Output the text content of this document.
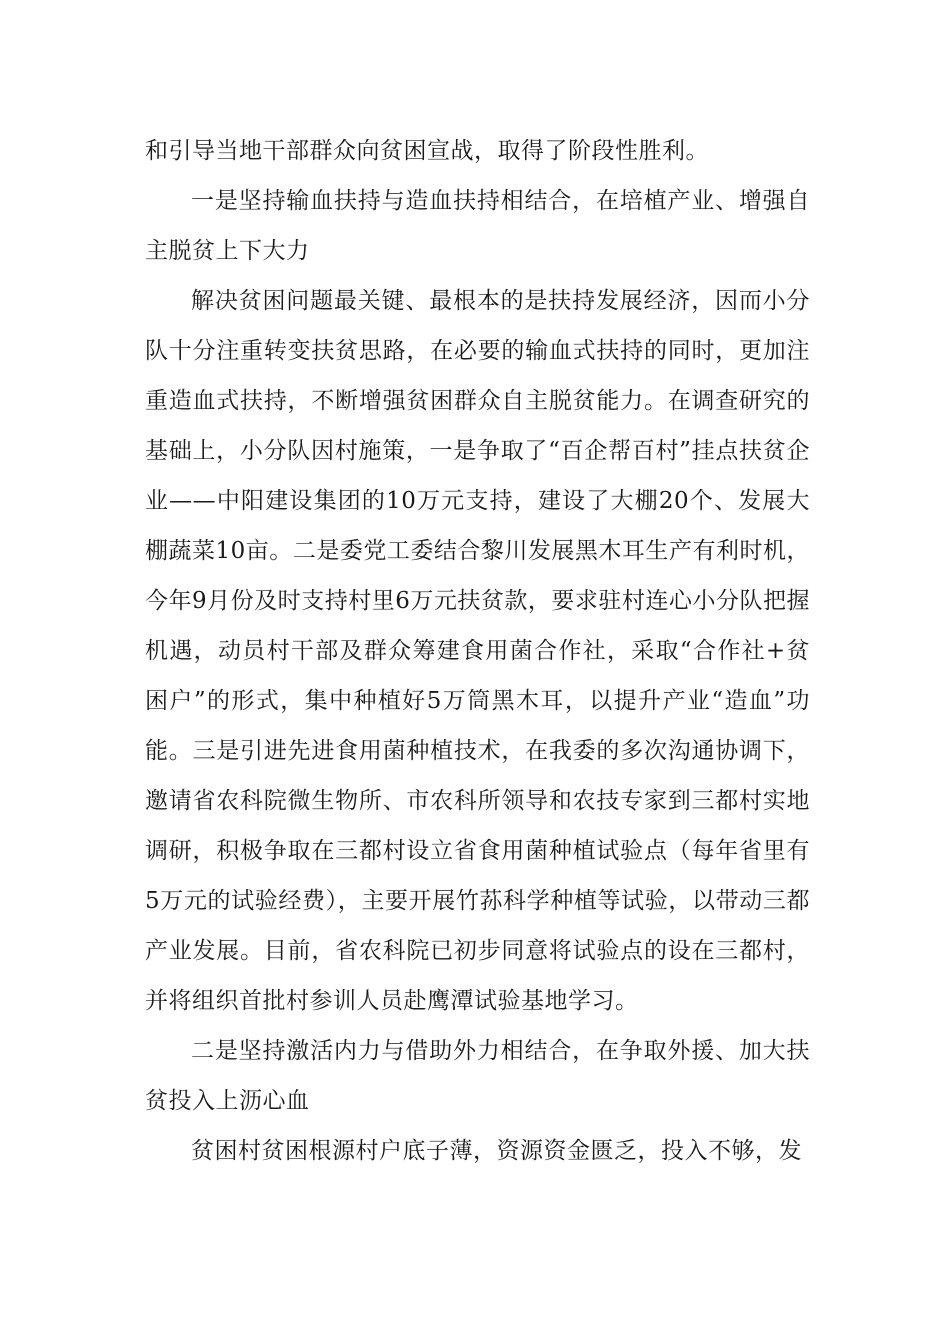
和引导当地干部群众向贫困宣战，取得了阶段性胜利。

一是坚持输血扶持与造血扶持相结合，在培植产业、增强自主脱贫上下大力

解决贫困问题最关键、最根本的是扶持发展经济，因而小分队十分注重转变扶贫思路，在必要的输血式扶持的同时，更加注重造血式扶持，不断增强贫困群众自主脱贫能力。在调查研究的基础上，小分队因村施策，一是争取了“百企帮百村”挂点扶贫企业——中阳建设集团的10万元支持，建设了大棚20个、发展大棚蔬菜10亩。二是委党工委结合黎川发展黑木耳生产有利时机，今年9月份及时支持村里6万元扶贫款，要求驻村连心小分队把握机遇，动员村干部及群众筹建食用菌合作社，采取“合作社+贫困户”的形式，集中种植好5万筒黑木耳，以提升产业“造血”功能。三是引进先进食用菌种植技术，在我委的多次沟通协调下，邀请省农科院微生物所、市农科所领导和农技专家到三都村实地调研，积极争取在三都村设立省食用菌种植试验点（每年省里有5万元的试验经费），主要开展竹荪科学种植等试验，以带动三都产业发展。目前，省农科院已初步同意将试验点的设在三都村，并将组织首批村参训人员赴鹰潭试验基地学习。

二是坚持激活内力与借助外力相结合，在争取外援、加大扶贫投入上沥心血

贫困村贫困根源村户底子薄，资源资金匮乏，投入不够，发
